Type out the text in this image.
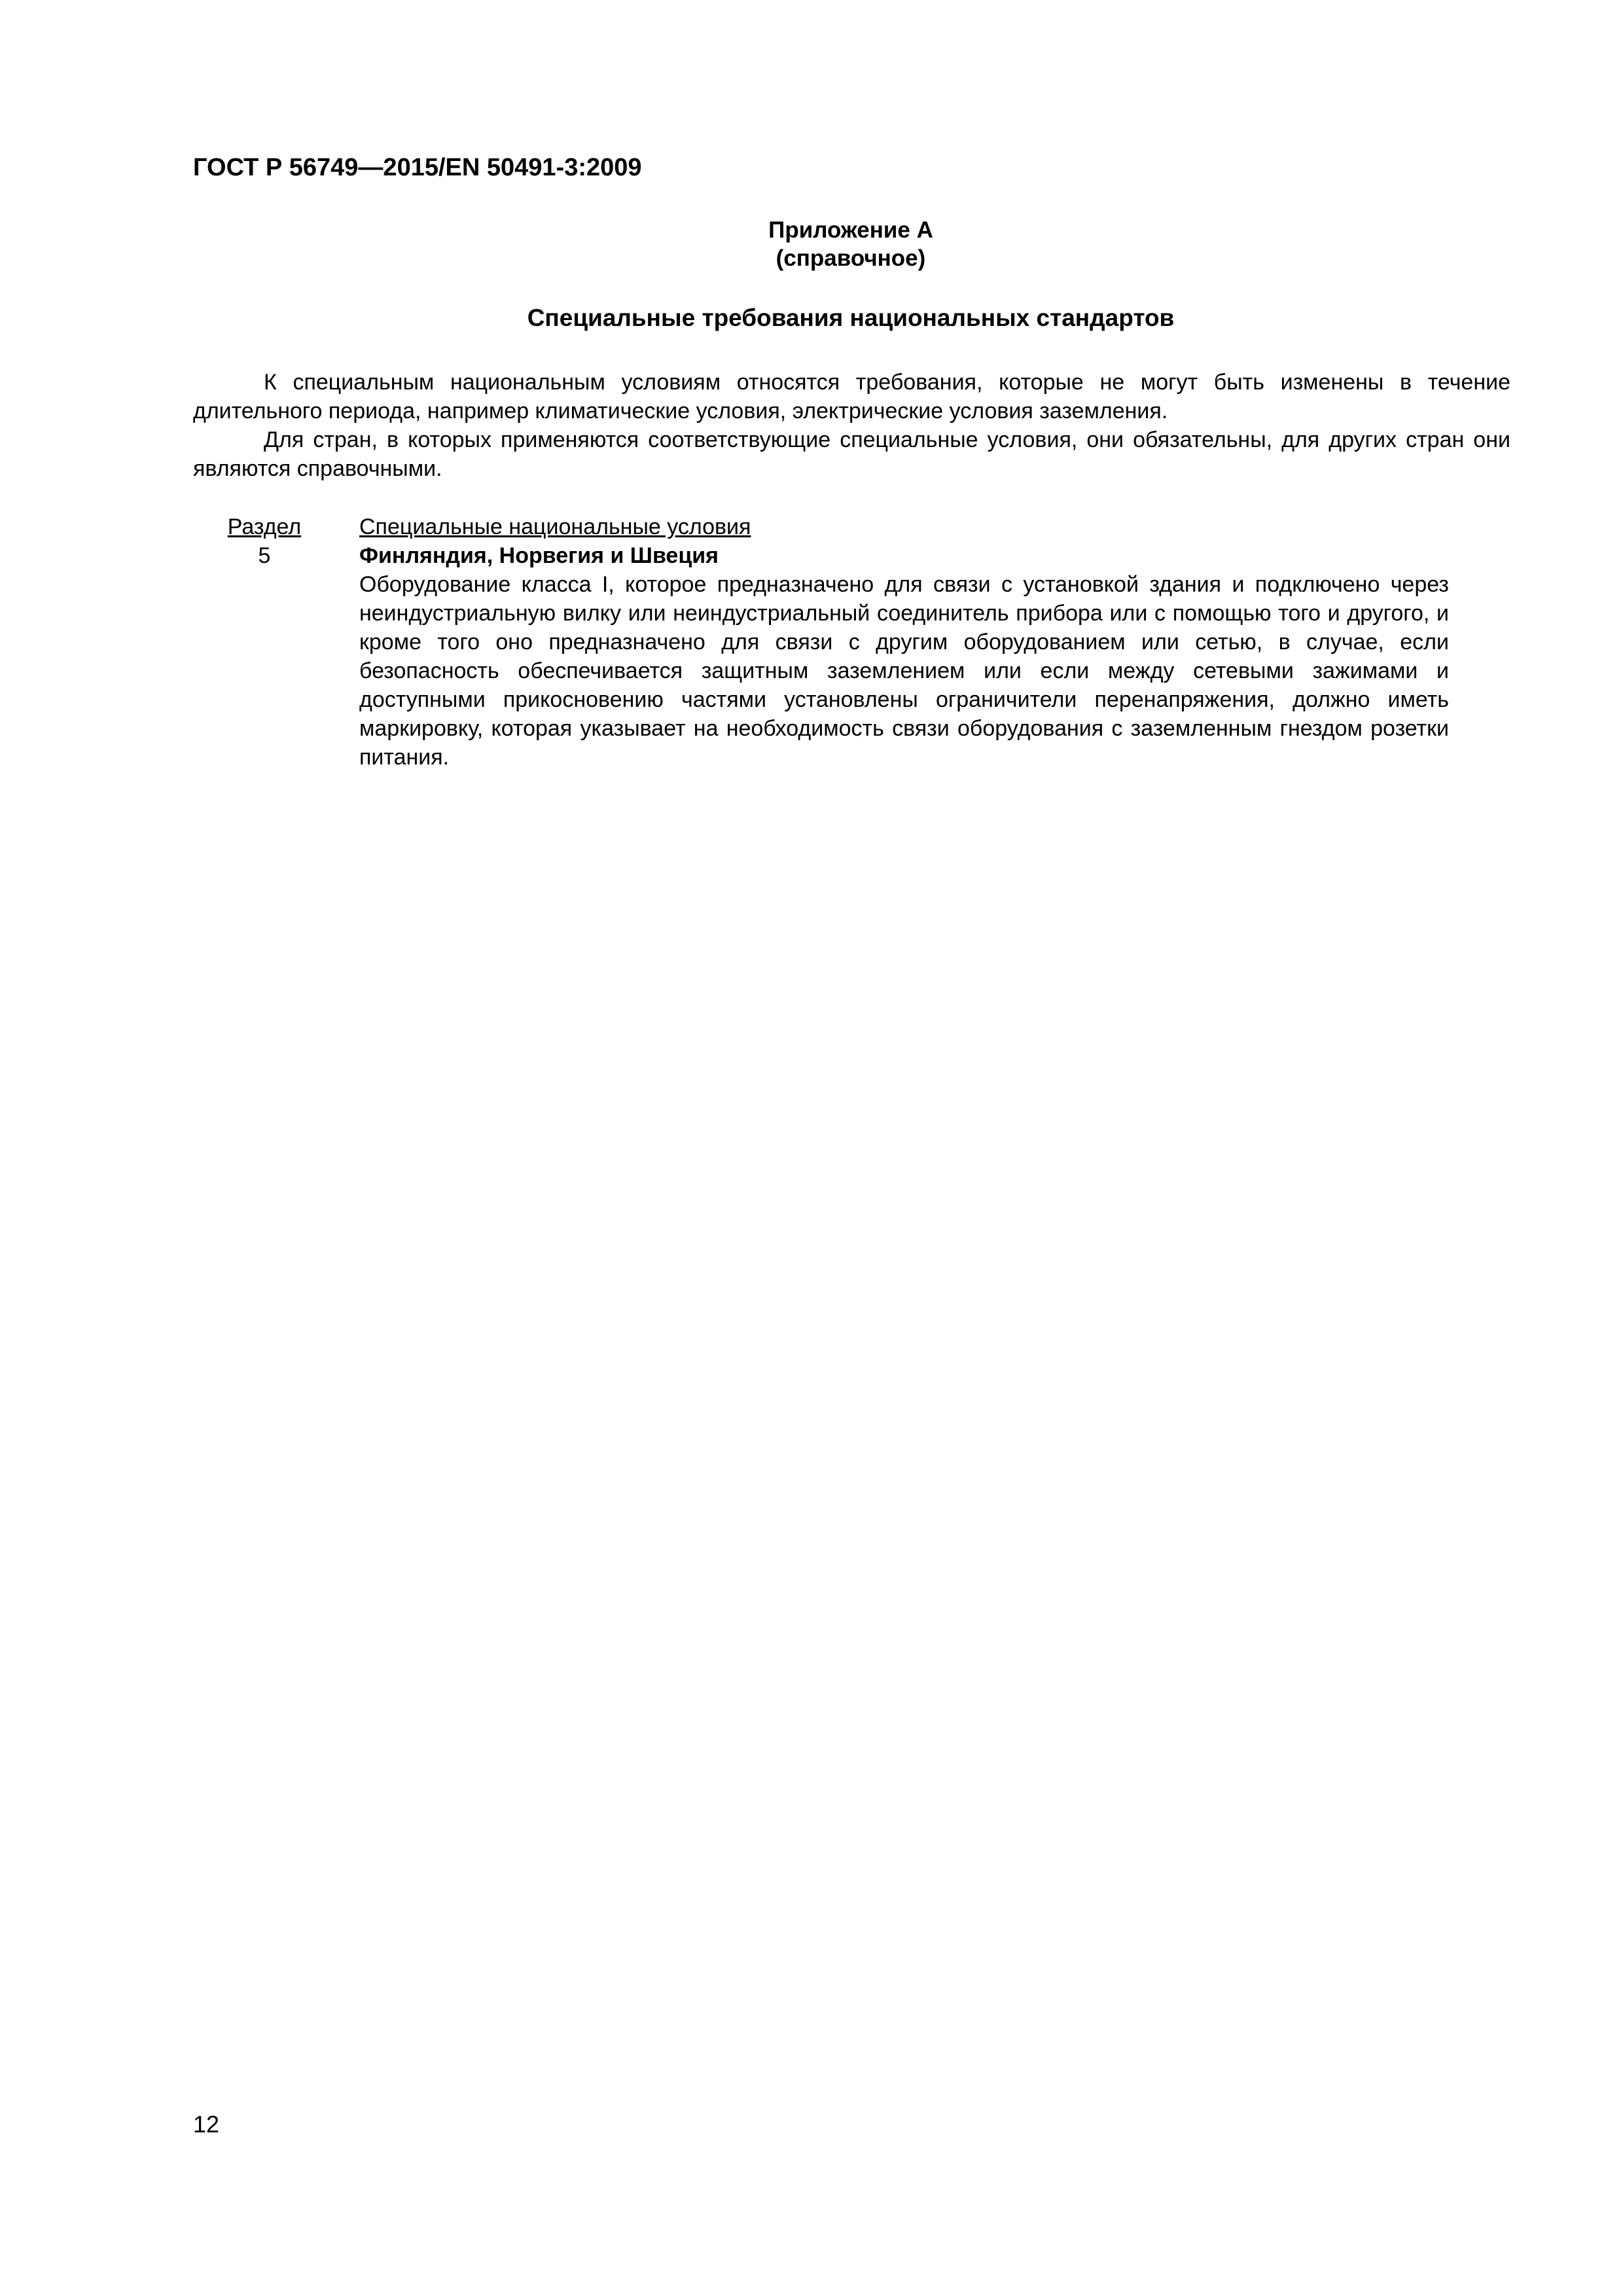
ГОСТ Р 56749—2015/EN 50491-3:2009
Приложение А
(справочное)
Специальные требования национальных стандартов

К специальным национальным условиям относятся требования, которые не могут быть изменены в течение длительного периода, например климатические условия, электрические условия заземления.

Для стран, в которых применяются соответствующие специальные условия, они обязательны, для других стран они являются справочными.

Раздел	Специальные национальные условия
5	Финляндия, Норвегия и Швеция

Оборудование класса I, которое предназначено для связи с установкой здания и подключено через неиндустриальную вилку или неиндустриальный соединитель прибора или с помощью того и другого, и кроме того оно предназначено для связи с другим оборудованием или сетью, в случае, если безопасность обеспечивается защитным заземлением или если между сетевыми зажимами и доступными прикосновению частями установлены ограничители перенапряжения, должно иметь маркировку, которая указывает на необходимость связи оборудования с заземленным гнездом розетки питания.

12
